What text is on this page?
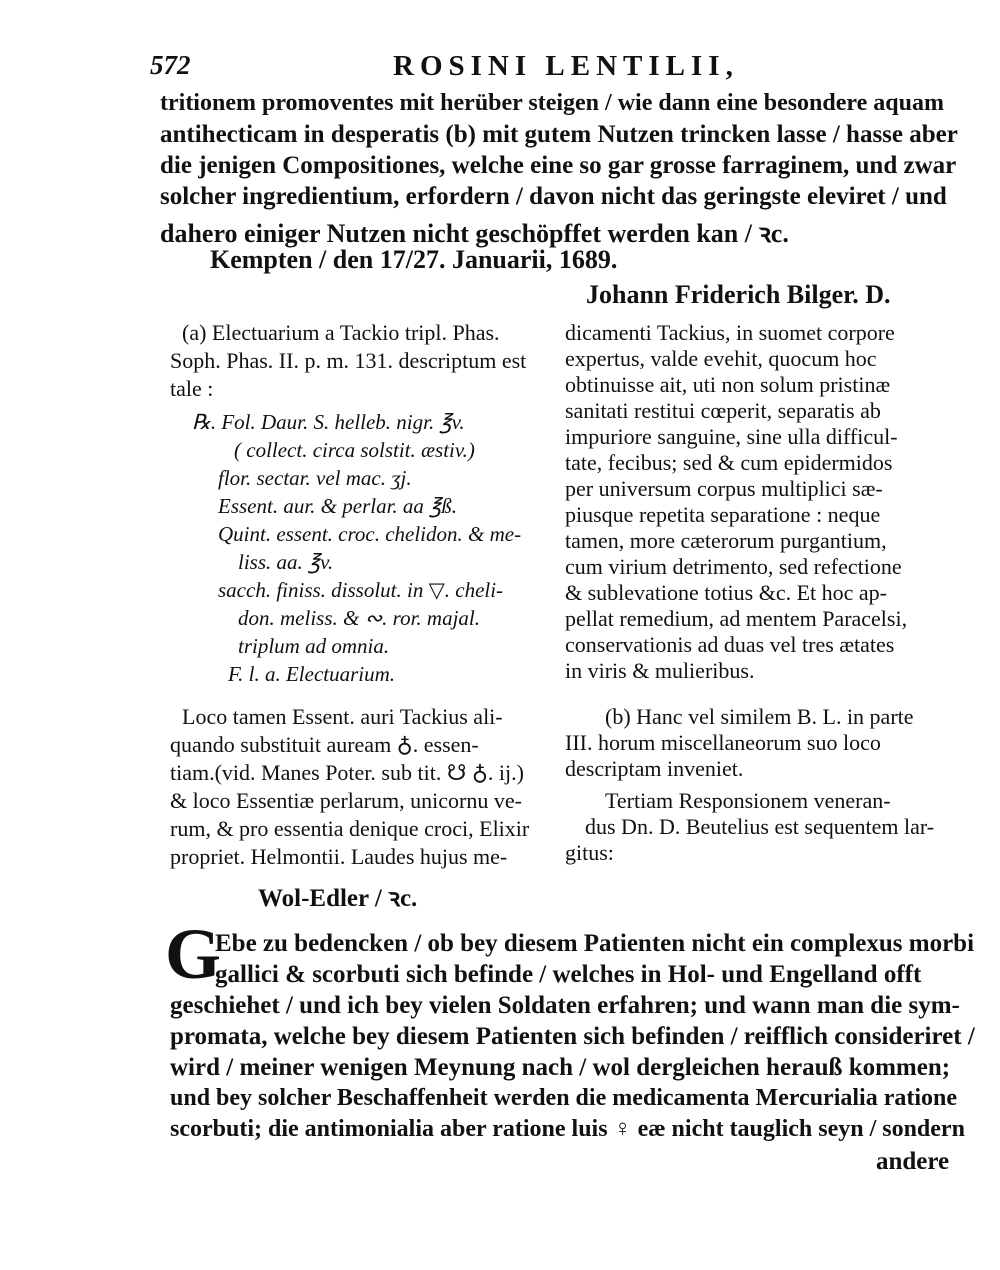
572	ROSINI LENTILII,
tritionem promoventes mit herüber steigen / wie dann eine besondere aquam
antihecticam in desperatis (b) mit gutem Nutzen trincken lasse / hasse aber
die jenigen Compositiones, welche eine so gar grosse farraginem, und zwar
solcher ingredientium, erfordern / davon nicht das geringste eleviret / und
dahero einiger Nutzen nicht geschöpffet werden kan / ꝛc.
Kempten / den 17/27. Januarii, 1689.
Johann Friderich Bilger. D.
(a) Electuarium a Tackio tripl. Phas.
Soph. Phas. II. p. m. 131. descriptum est
tale :
℞. Fol. Daur. S. helleb. nigr. ℥v.
( collect. circa solstit. æstiv.)
flor. sectar. vel mac. ʒj.
Essent. aur. & perlar. aa ℥ß.
Quint. essent. croc. chelidon. & me-
liss. aa. ℥v.
sacch. finiss. dissolut. in ▽. cheli-
don. meliss. & ∾. ror. majal.
triplum ad omnia.
F. l. a. Electuarium.
Loco tamen Essent. auri Tackius ali-
quando substituit auream ♁. essen-
tiam.(vid. Manes Poter. sub tit. ☋ ♁. ij.)
& loco Essentiæ perlarum, unicornu ve-
rum, & pro essentia denique croci, Elixir
propriet. Helmontii. Laudes hujus me-
dicamenti Tackius, in suomet corpore
expertus, valde evehit, quocum hoc
obtinuisse ait, uti non solum pristinæ
sanitati restitui cœperit, separatis ab
impuriore sanguine, sine ulla difficul-
tate, fecibus; sed & cum epidermidos
per universum corpus multiplici sæ-
piusque repetita separatione : neque
tamen, more cæterorum purgantium,
cum virium detrimento, sed refectione
& sublevatione totius &c. Et hoc ap-
pellat remedium, ad mentem Paracelsi,
conservationis ad duas vel tres ætates
in viris & mulieribus.
(b) Hanc vel similem B. L. in parte
III. horum miscellaneorum suo loco
descriptam inveniet.
Tertiam Responsionem veneran-
dus Dn. D. Beutelius est sequentem lar-
gitus:
Wol-Edler / ꝛc.
G
Ebe zu bedencken / ob bey diesem Patienten nicht ein complexus morbi
gallici & scorbuti sich befinde / welches in Hol- und Engelland offt
geschiehet / und ich bey vielen Soldaten erfahren; und wann man die sym-
promata, welche bey diesem Patienten sich befinden / reifflich consideriret /
wird / meiner wenigen Meynung nach / wol dergleichen herauß kommen;
und bey solcher Beschaffenheit werden die medicamenta Mercurialia ratione
scorbuti; die antimonialia aber ratione luis ♀ eæ nicht tauglich seyn / sondern
andere
